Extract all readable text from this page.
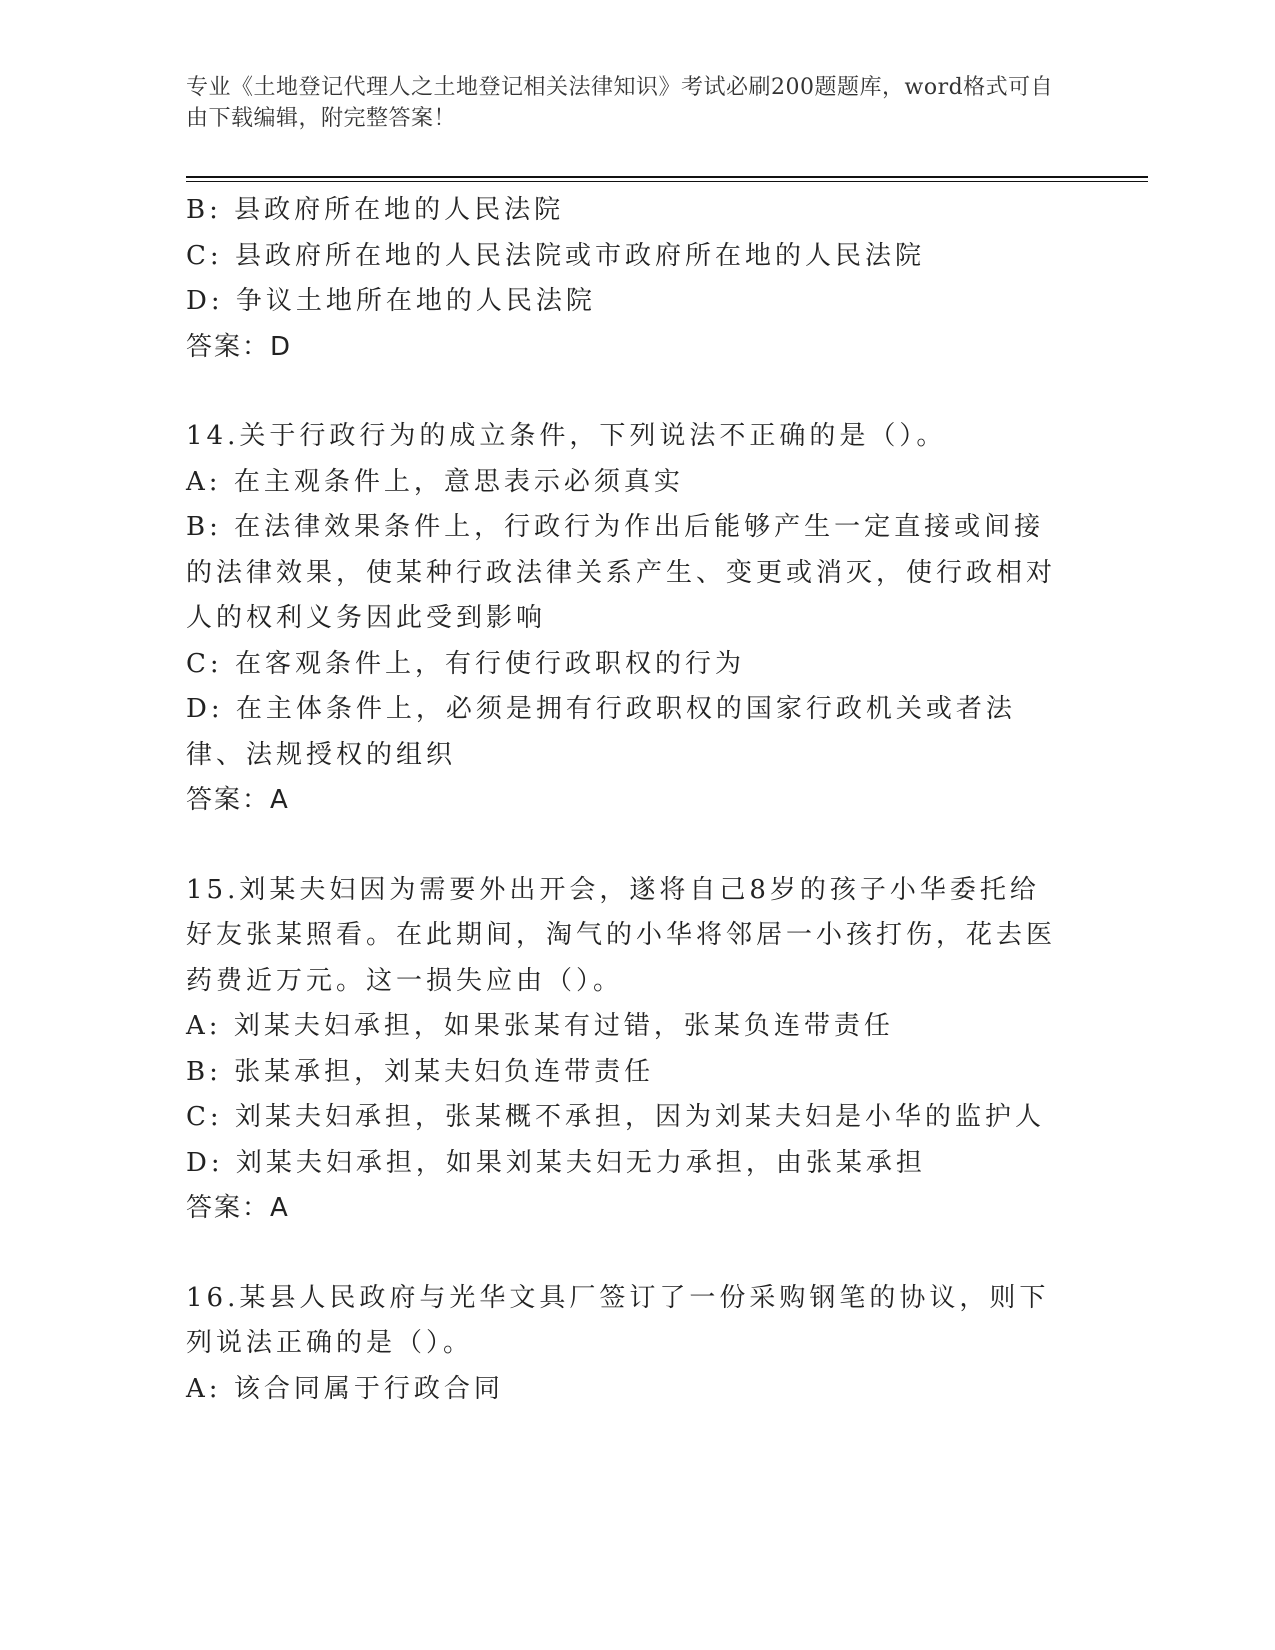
专业《土地登记代理人之土地登记相关法律知识》考试必刷200题题库，word格式可自由下载编辑，附完整答案！
B : 县政府所在地的人民法院
C : 县政府所在地的人民法院或市政府所在地的人民法院
D : 争议土地所在地的人民法院
答案：D
14 . 关于行政行为的成立条件，下列说法不正确的是（）。
A : 在主观条件上，意思表示必须真实
B : 在法律效果条件上，行政行为作出后能够产生一定直接或间接的法律效果，使某种行政法律关系产生、变更或消灭，使行政相对人的权利义务因此受到影响
C : 在客观条件上，有行使行政职权的行为
D : 在主体条件上，必须是拥有行政职权的国家行政机关或者法律、法规授权的组织
答案：A
15 . 刘某夫妇因为需要外出开会，遂将自己8岁的孩子小华委托给好友张某照看。在此期间，淘气的小华将邻居一小孩打伤，花去医药费近万元。这一损失应由（）。
A : 刘某夫妇承担，如果张某有过错，张某负连带责任
B : 张某承担，刘某夫妇负连带责任
C : 刘某夫妇承担，张某概不承担，因为刘某夫妇是小华的监护人
D : 刘某夫妇承担，如果刘某夫妇无力承担，由张某承担
答案：A
16 . 某县人民政府与光华文具厂签订了一份采购钢笔的协议，则下列说法正确的是（）。
A : 该合同属于行政合同
